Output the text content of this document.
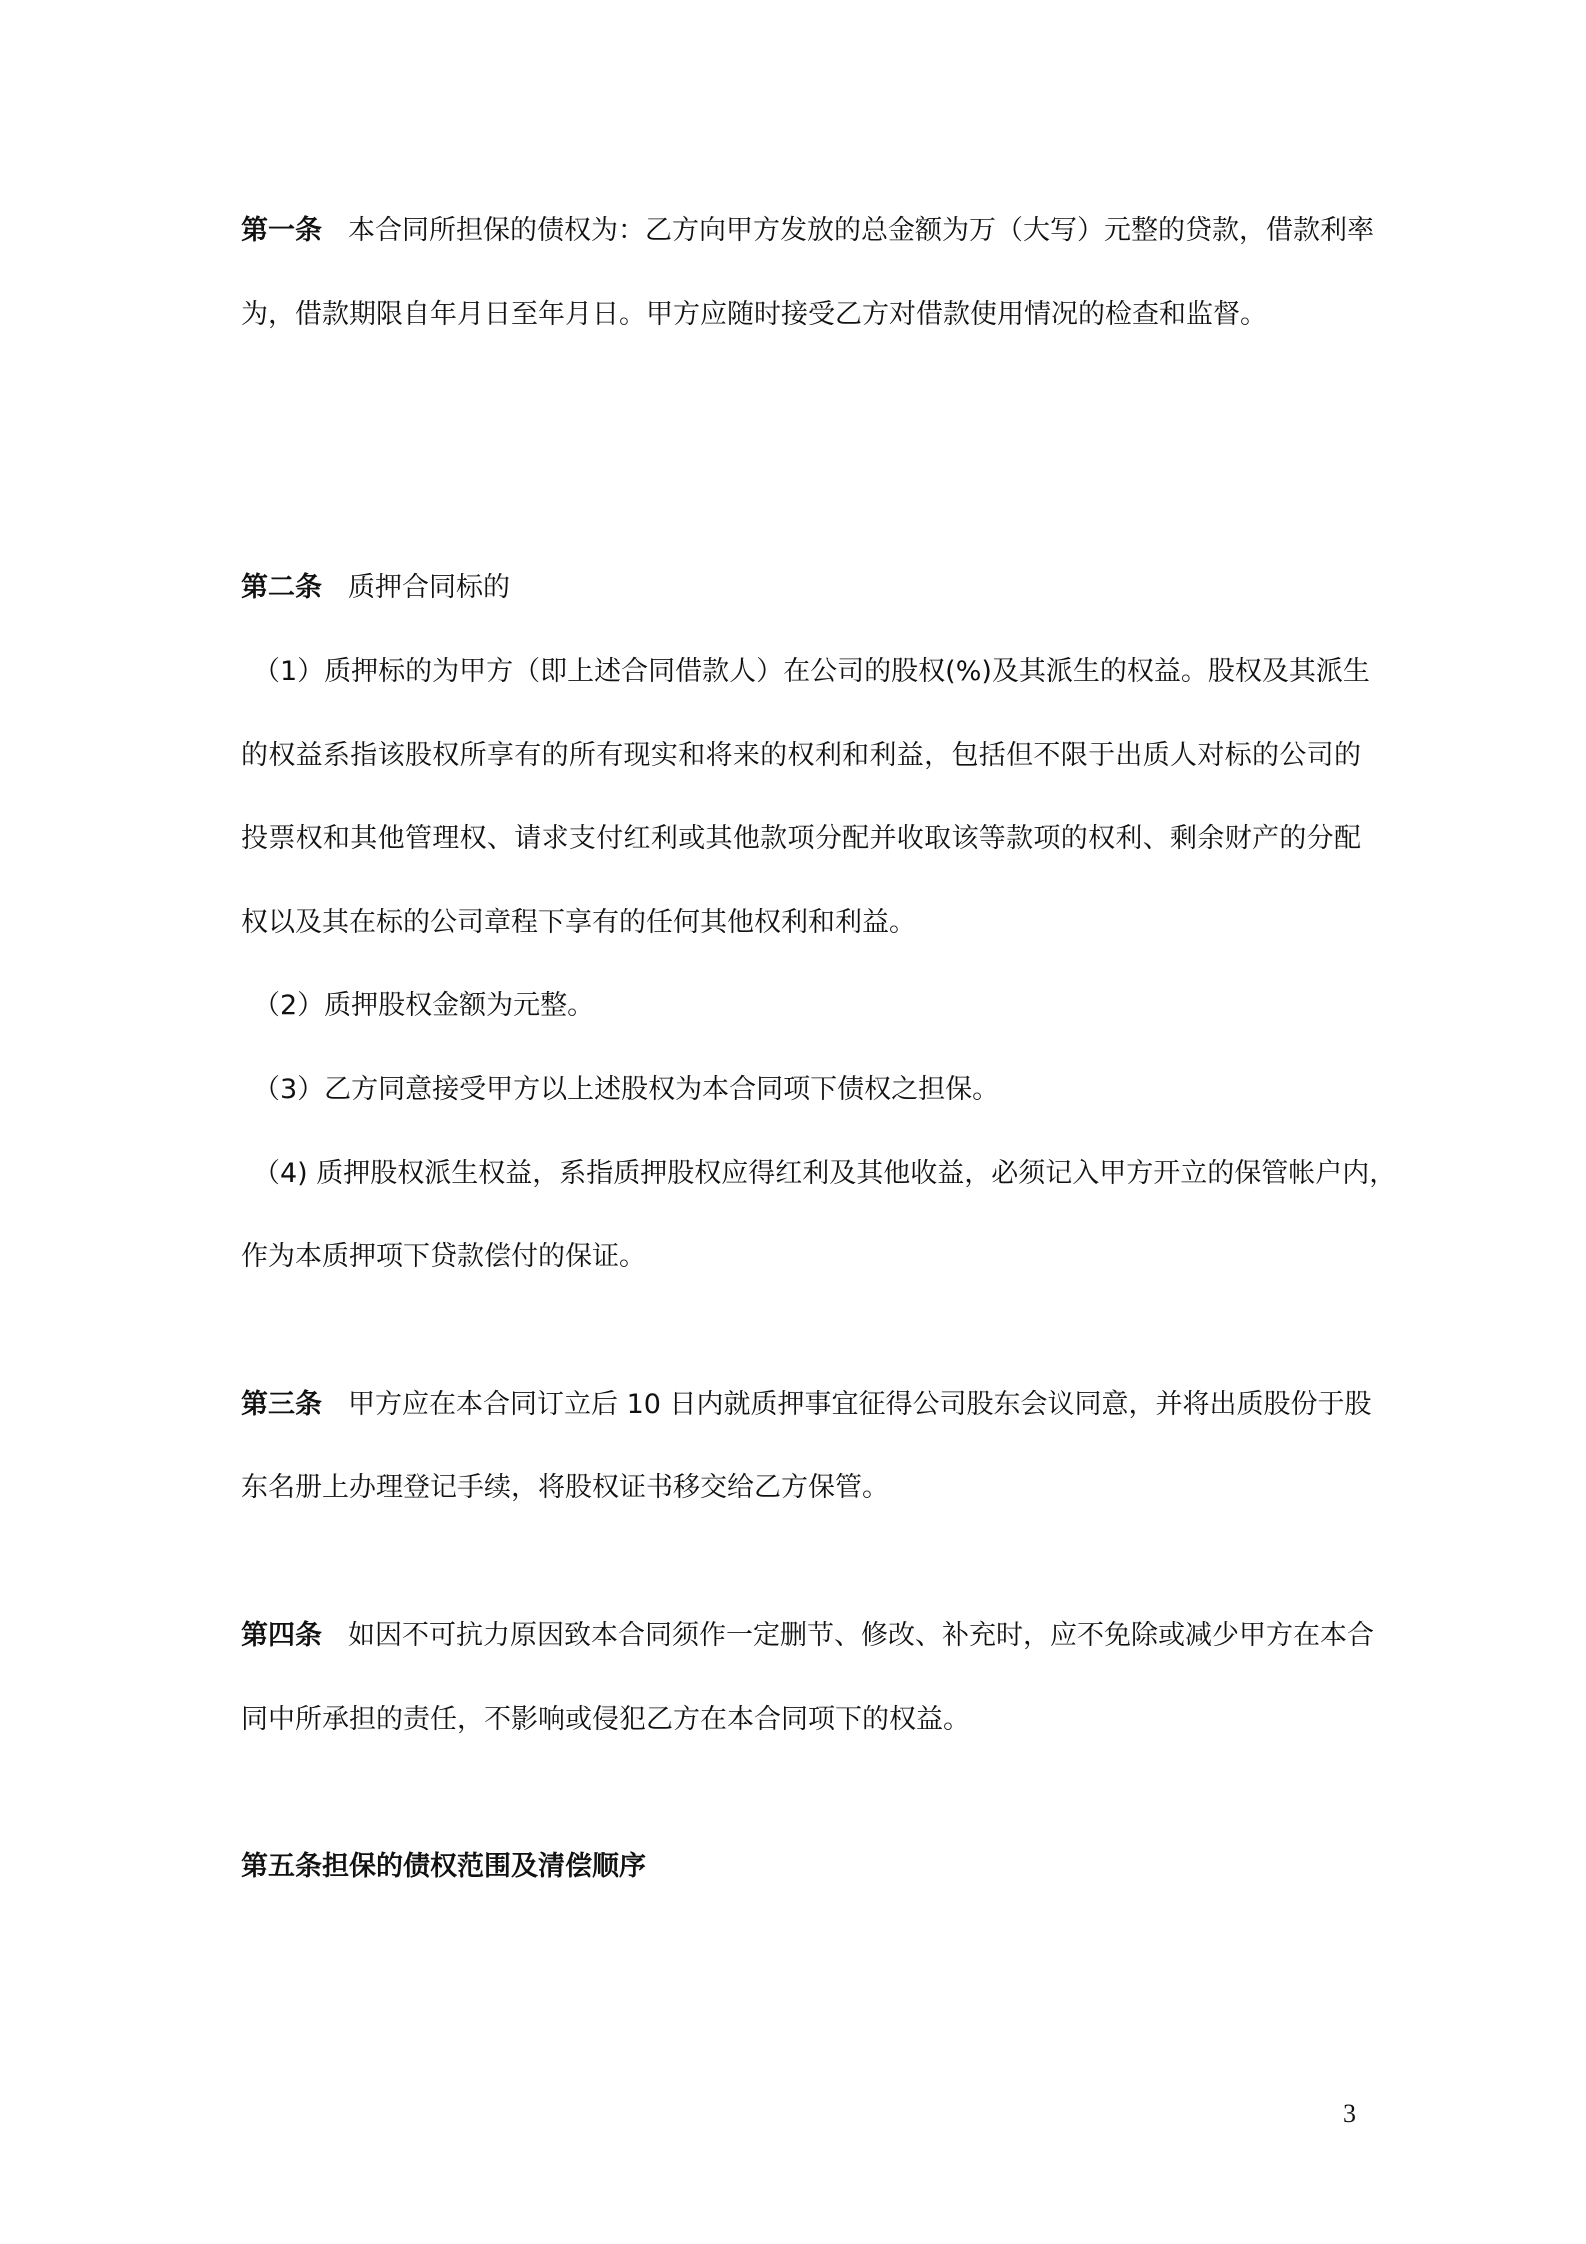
第一条 本合同所担保的债权为：乙方向甲方发放的总金额为万（大写）元整的贷款，借款利率
为，借款期限自年月日至年月日。甲方应随时接受乙方对借款使用情况的检查和监督。
第二条 质押合同标的
（1）质押标的为甲方（即上述合同借款人）在公司的股权(%)及其派生的权益。股权及其派生
的权益系指该股权所享有的所有现实和将来的权利和利益，包括但不限于出质人对标的公司的
投票权和其他管理权、请求支付红利或其他款项分配并收取该等款项的权利、剩余财产的分配
权以及其在标的公司章程下享有的任何其他权利和利益。
（2）质押股权金额为元整。
（3）乙方同意接受甲方以上述股权为本合同项下债权之担保。
（4) 质押股权派生权益，系指质押股权应得红利及其他收益，必须记入甲方开立的保管帐户内，
作为本质押项下贷款偿付的保证。
第三条 甲方应在本合同订立后 10 日内就质押事宜征得公司股东会议同意，并将出质股份于股
东名册上办理登记手续，将股权证书移交给乙方保管。
第四条 如因不可抗力原因致本合同须作一定删节、修改、补充时，应不免除或减少甲方在本合
同中所承担的责任，不影响或侵犯乙方在本合同项下的权益。
第五条担保的债权范围及清偿顺序
3
